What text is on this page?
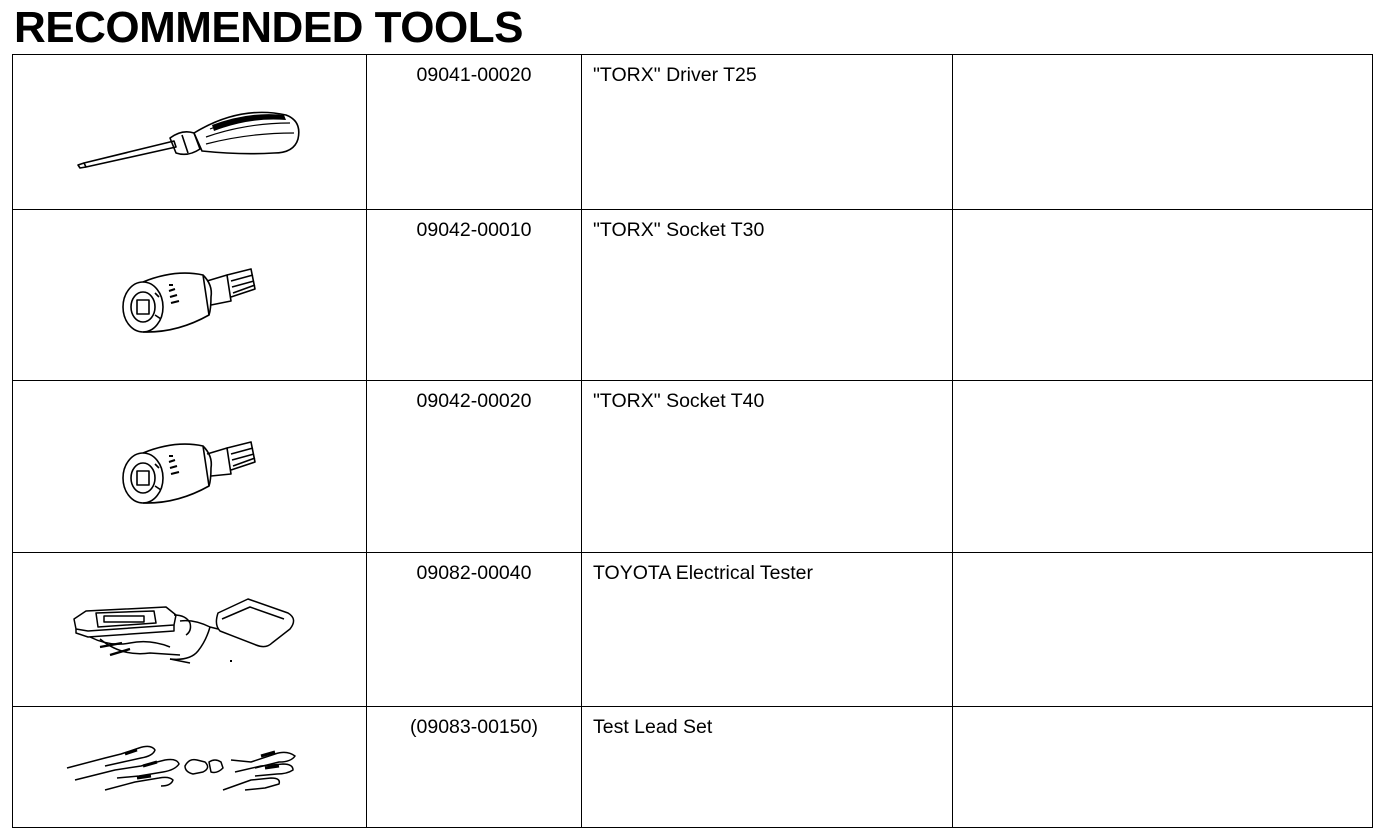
RECOMMENDED TOOLS
	09041-00020	"TORX" Driver T25	

	09042-00010	"TORX" Socket T30	

	09042-00020	"TORX" Socket T40	

	09082-00040	TOYOTA Electrical Tester	

	(09083-00150)	Test Lead Set	
